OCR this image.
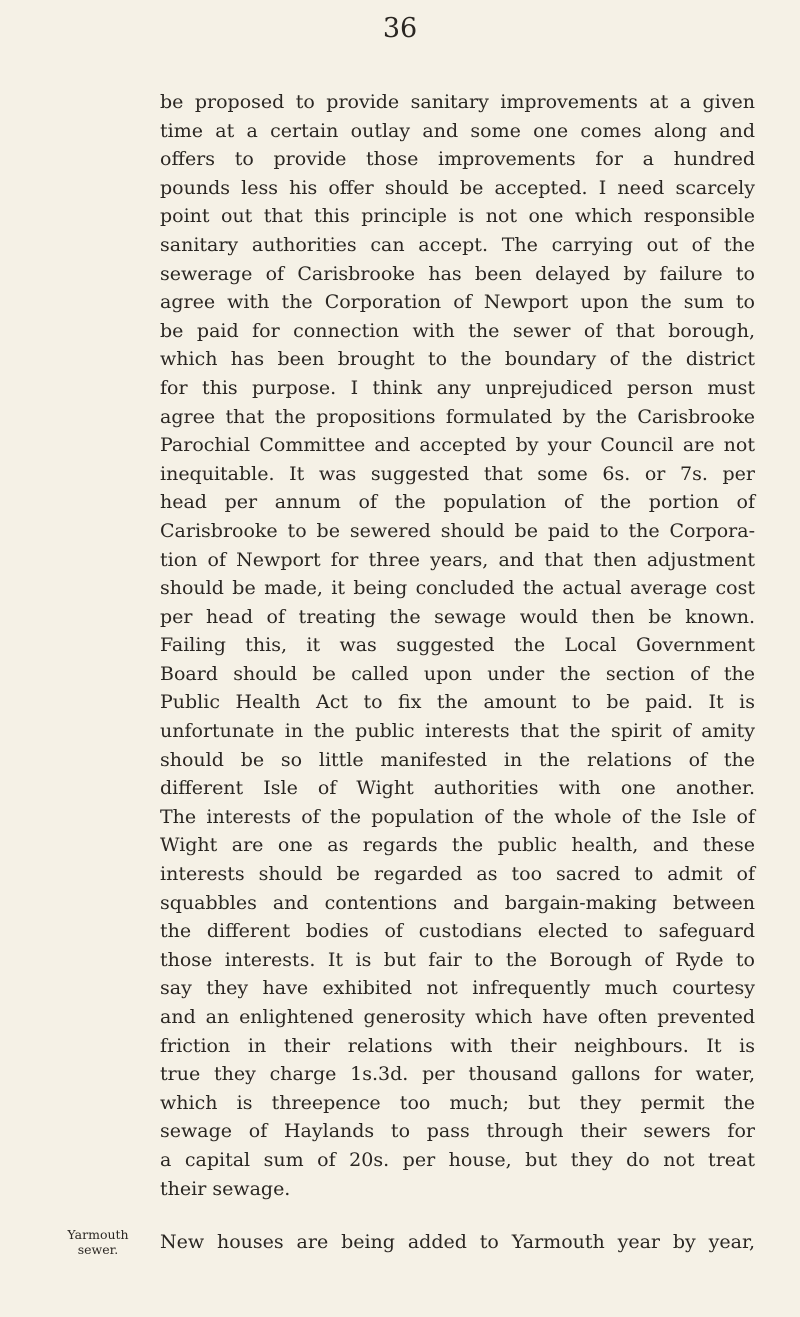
36

be proposed to provide sanitary improvements at a given
time at a certain outlay and some one comes along and
offers to provide those improvements for a hundred
pounds less his offer should be accepted. I need scarcely
point out that this principle is not one which responsible
sanitary authorities can accept. The carrying out of the
sewerage of Carisbrooke has been delayed by failure to
agree with the Corporation of Newport upon the sum to
be paid for connection with the sewer of that borough,
which has been brought to the boundary of the district
for this purpose. I think any unprejudiced person must
agree that the propositions formulated by the Carisbrooke
Parochial Committee and accepted by your Council are not
inequitable. It was suggested that some 6s. or 7s. per
head per annum of the population of the portion of
Carisbrooke to be sewered should be paid to the Corpora-
tion of Newport for three years, and that then adjustment
should be made, it being concluded the actual average cost
per head of treating the sewage would then be known.
Failing this, it was suggested the Local Government
Board should be called upon under the section of the
Public Health Act to fix the amount to be paid. It is
unfortunate in the public interests that the spirit of amity
should be so little manifested in the relations of the
different Isle of Wight authorities with one another.
The interests of the population of the whole of the Isle of
Wight are one as regards the public health, and these
interests should be regarded as too sacred to admit of
squabbles and contentions and bargain-making between
the different bodies of custodians elected to safeguard
those interests. It is but fair to the Borough of Ryde to
say they have exhibited not infrequently much courtesy
and an enlightened generosity which have often prevented
friction in their relations with their neighbours. It is
true they charge 1s.3d. per thousand gallons for water,
which is threepence too much; but they permit the
sewage of Haylands to pass through their sewers for
a capital sum of 20s. per house, but they do not treat
their sewage.

Yarmouth
sewer.	New houses are being added to Yarmouth year by year,
